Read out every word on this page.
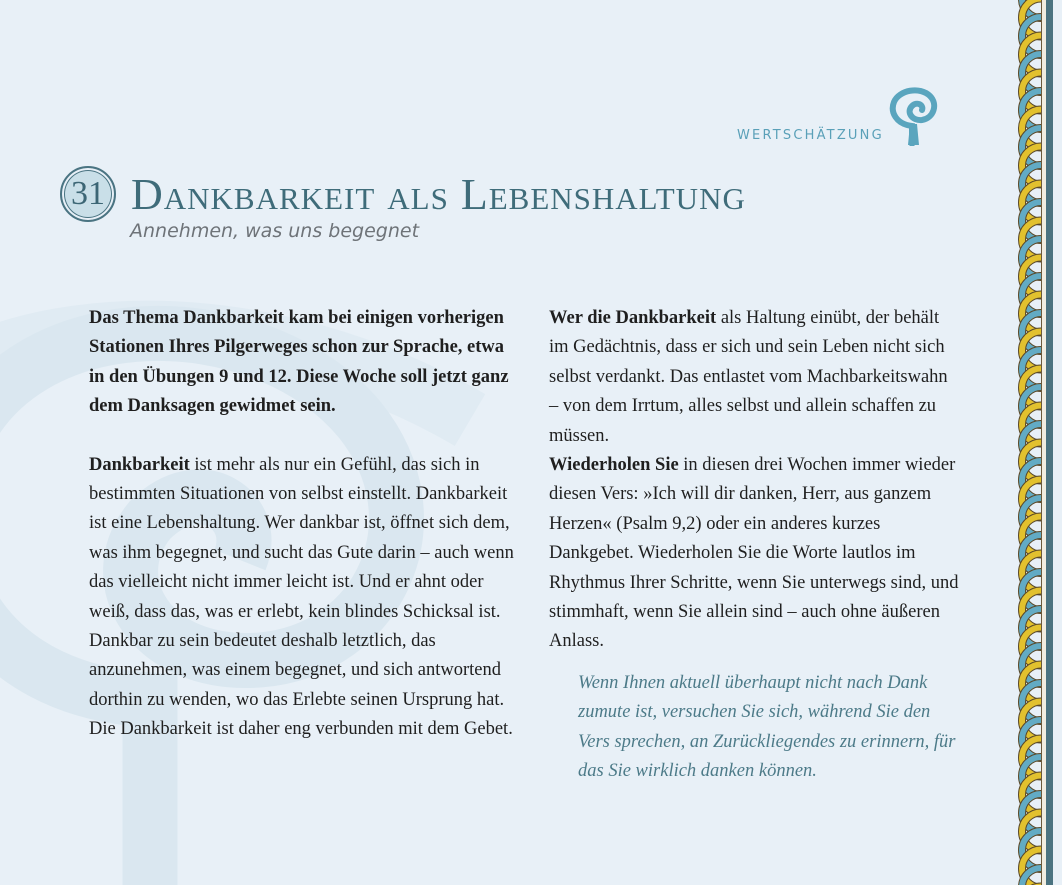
WERTSCHÄTZUNG
31 Dankbarkeit als Lebenshaltung
Annehmen, was uns begegnet

Das Thema Dankbarkeit kam bei einigen vorherigen Stationen Ihres Pilgerweges schon zur Sprache, etwa in den Übungen 9 und 12. Diese Woche soll jetzt ganz dem Danksagen gewidmet sein.

Dankbarkeit ist mehr als nur ein Gefühl, das sich in bestimmten Situationen von selbst einstellt. Dankbarkeit ist eine Lebenshaltung. Wer dankbar ist, öffnet sich dem, was ihm begegnet, und sucht das Gute darin – auch wenn das vielleicht nicht immer leicht ist. Und er ahnt oder weiß, dass das, was er erlebt, kein blindes Schicksal ist. Dankbar zu sein bedeutet deshalb letztlich, das anzunehmen, was einem begegnet, und sich antwortend dorthin zu wenden, wo das Erlebte seinen Ursprung hat. Die Dankbarkeit ist daher eng verbunden mit dem Gebet.

Wer die Dankbarkeit als Haltung einübt, der behält im Gedächtnis, dass er sich und sein Leben nicht sich selbst verdankt. Das entlastet vom Machbarkeitswahn – von dem Irrtum, alles selbst und allein schaffen zu müssen.

Wiederholen Sie in diesen drei Wochen immer wieder diesen Vers: »Ich will dir danken, Herr, aus ganzem Herzen« (Psalm 9,2) oder ein anderes kurzes Dankgebet. Wiederholen Sie die Worte lautlos im Rhythmus Ihrer Schritte, wenn Sie unterwegs sind, und stimmhaft, wenn Sie allein sind – auch ohne äußeren Anlass.

Wenn Ihnen aktuell überhaupt nicht nach Dank zumute ist, versuchen Sie sich, während Sie den Vers sprechen, an Zurückliegendes zu erinnern, für das Sie wirklich danken können.
